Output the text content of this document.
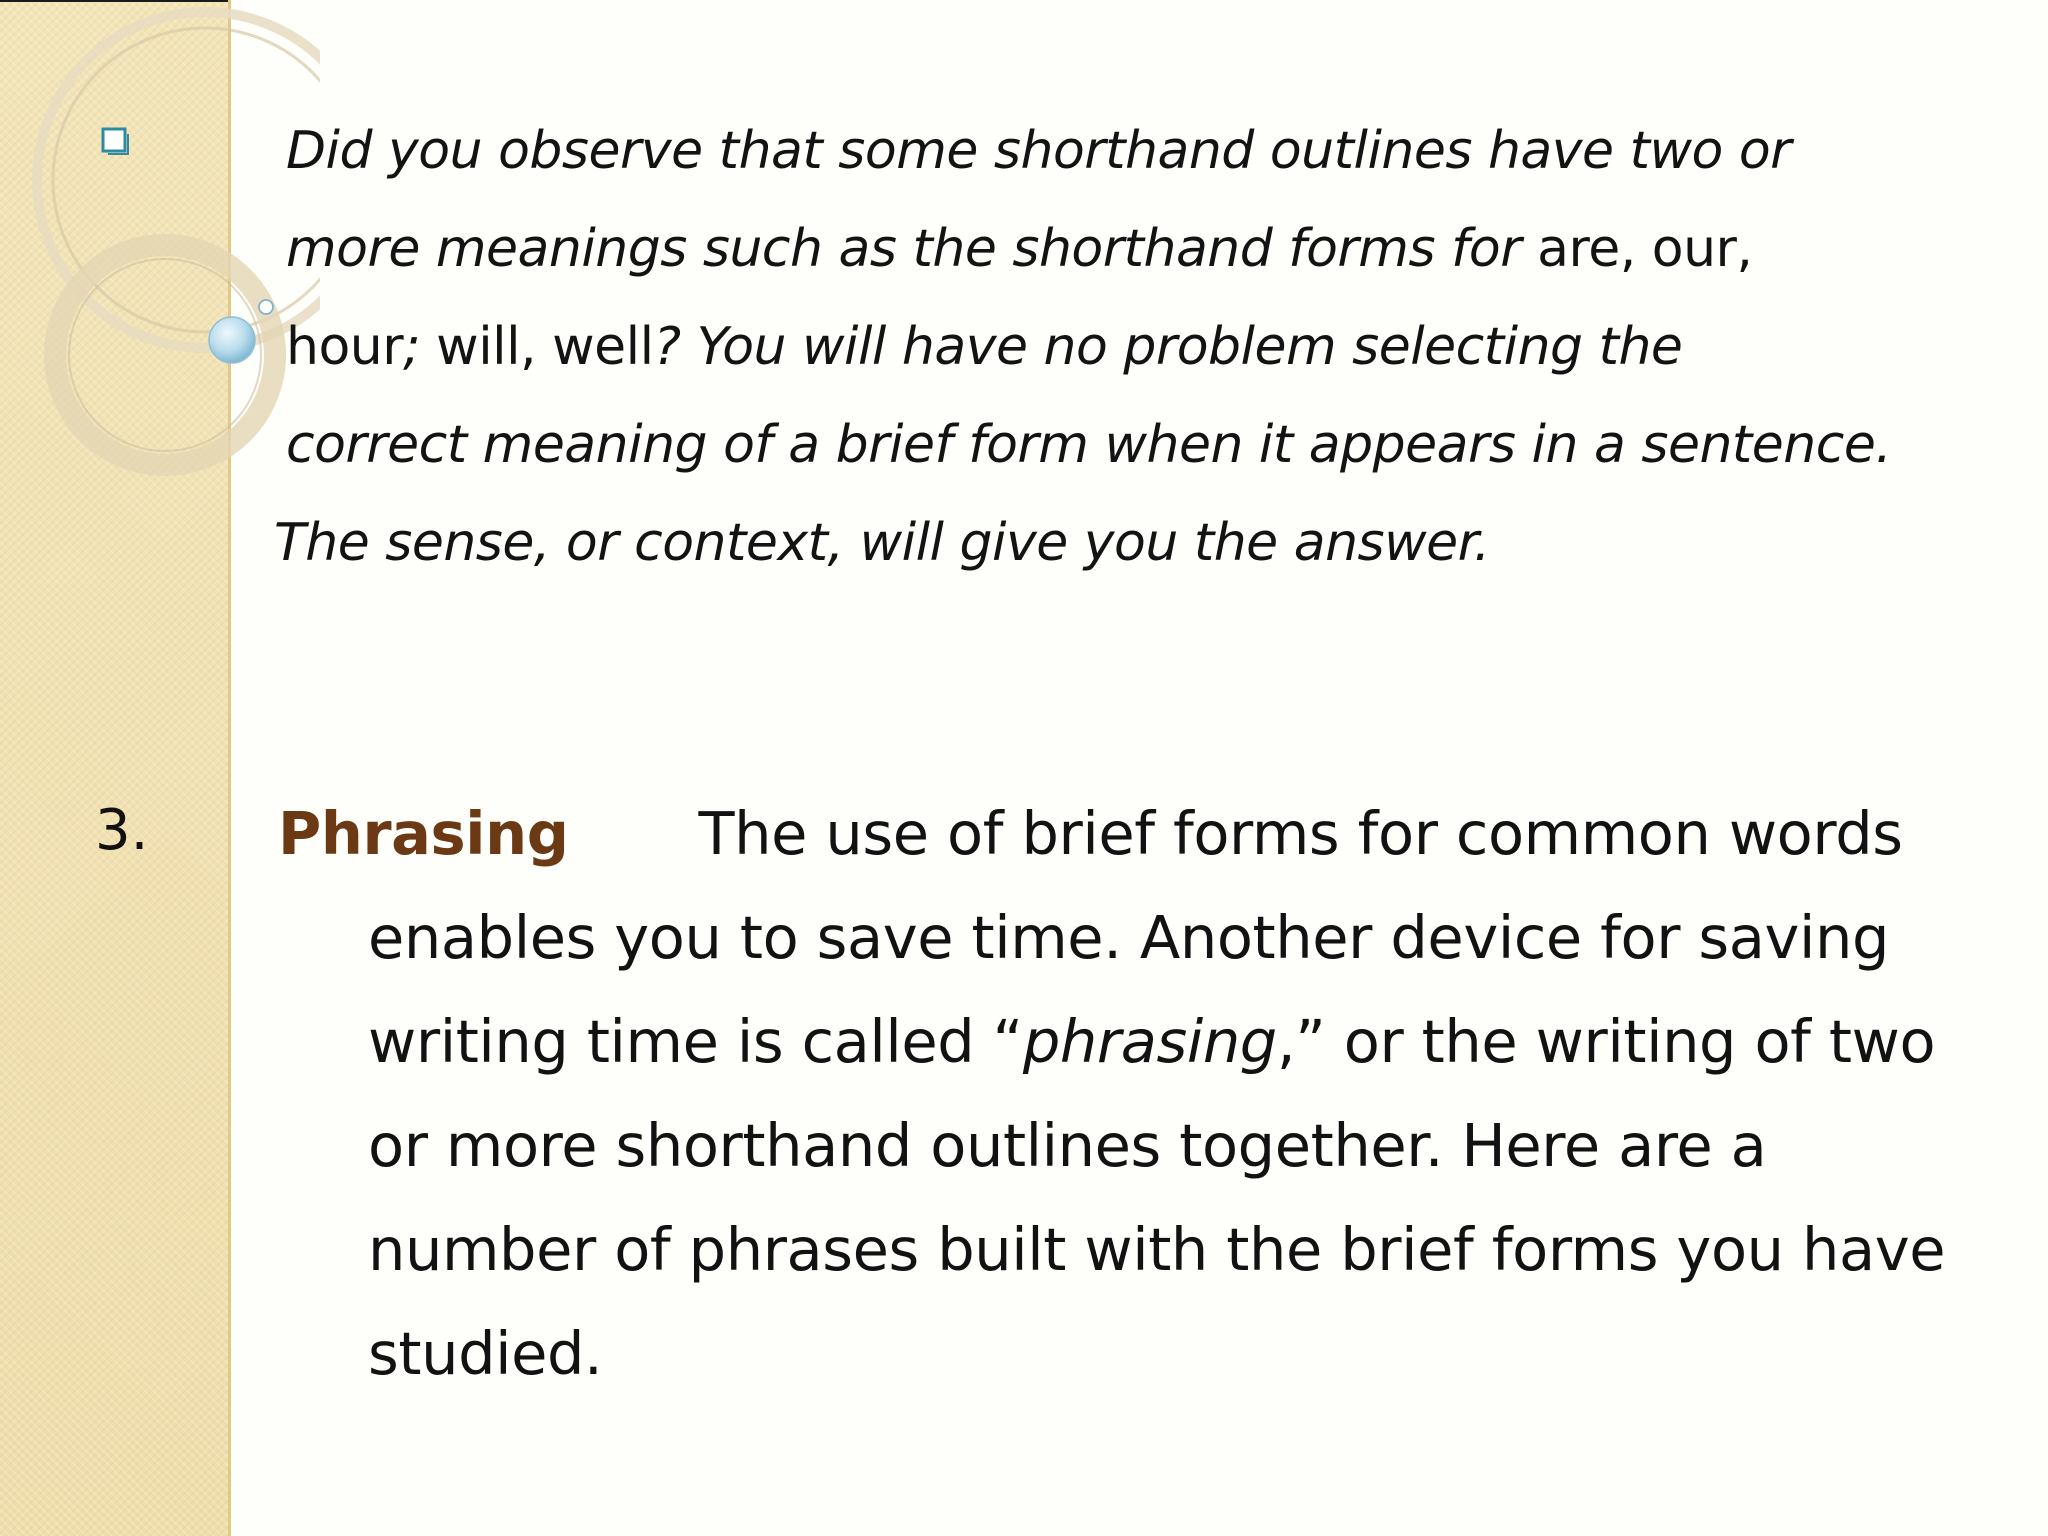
Did you observe that some shorthand outlines have two or
more meanings such as the shorthand forms for are, our,
hour; will, well? You will have no problem selecting the
correct meaning of a brief form when it appears in a sentence.
The sense, or context, will give you the answer.

3. Phrasing The use of brief forms for common words
enables you to save time. Another device for saving
writing time is called “phrasing,” or the writing of two
or more shorthand outlines together. Here are a
number of phrases built with the brief forms you have
studied.
